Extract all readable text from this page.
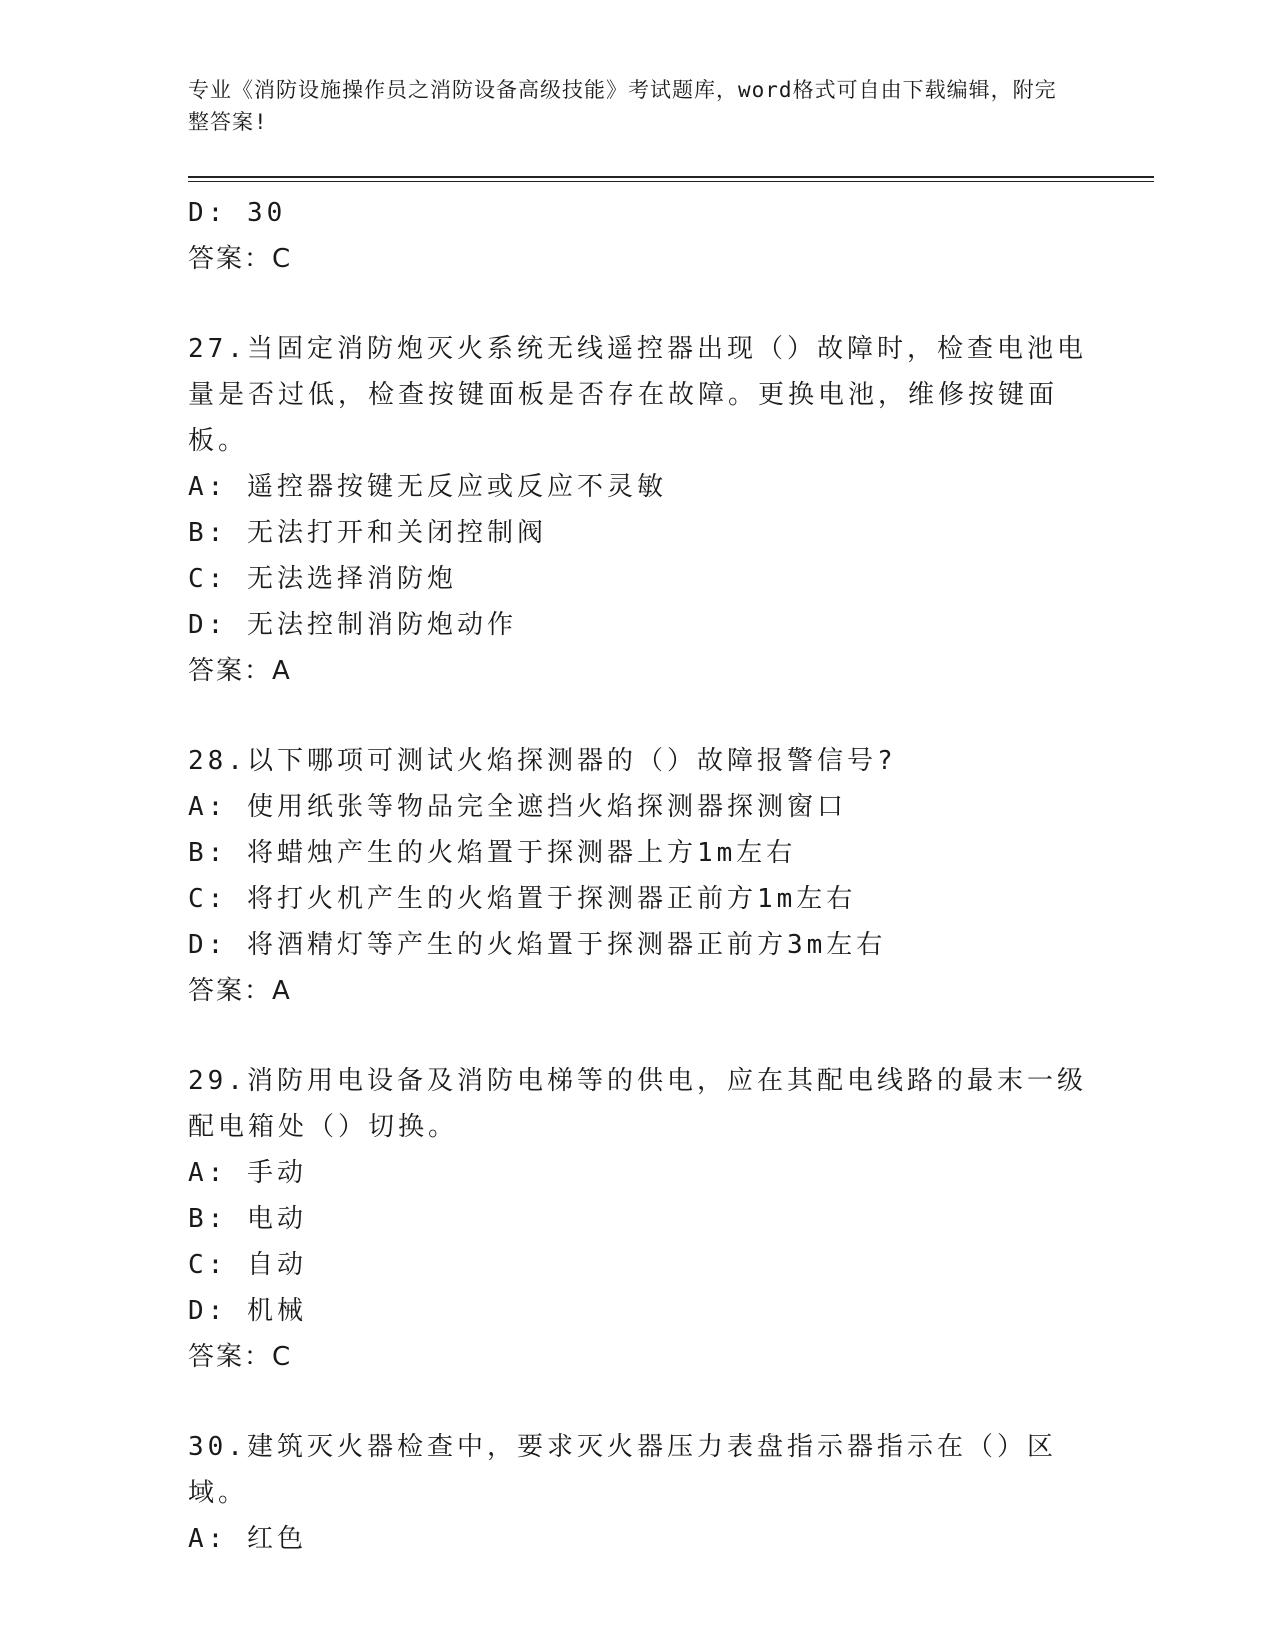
专业《消防设施操作员之消防设备高级技能》考试题库，word格式可自由下载编辑，附完整答案!
D: 30
答案：C
27.当固定消防炮灭火系统无线遥控器出现（）故障时，检查电池电量是否过低，检查按键面板是否存在故障。更换电池，维修按键面板。
A: 遥控器按键无反应或反应不灵敏
B: 无法打开和关闭控制阀
C: 无法选择消防炮
D: 无法控制消防炮动作
答案：A
28.以下哪项可测试火焰探测器的（）故障报警信号?
A: 使用纸张等物品完全遮挡火焰探测器探测窗口
B: 将蜡烛产生的火焰置于探测器上方1m左右
C: 将打火机产生的火焰置于探测器正前方1m左右
D: 将酒精灯等产生的火焰置于探测器正前方3m左右
答案：A
29.消防用电设备及消防电梯等的供电，应在其配电线路的最末一级配电箱处（）切换。
A: 手动
B: 电动
C: 自动
D: 机械
答案：C
30.建筑灭火器检查中，要求灭火器压力表盘指示器指示在（）区域。
A: 红色
